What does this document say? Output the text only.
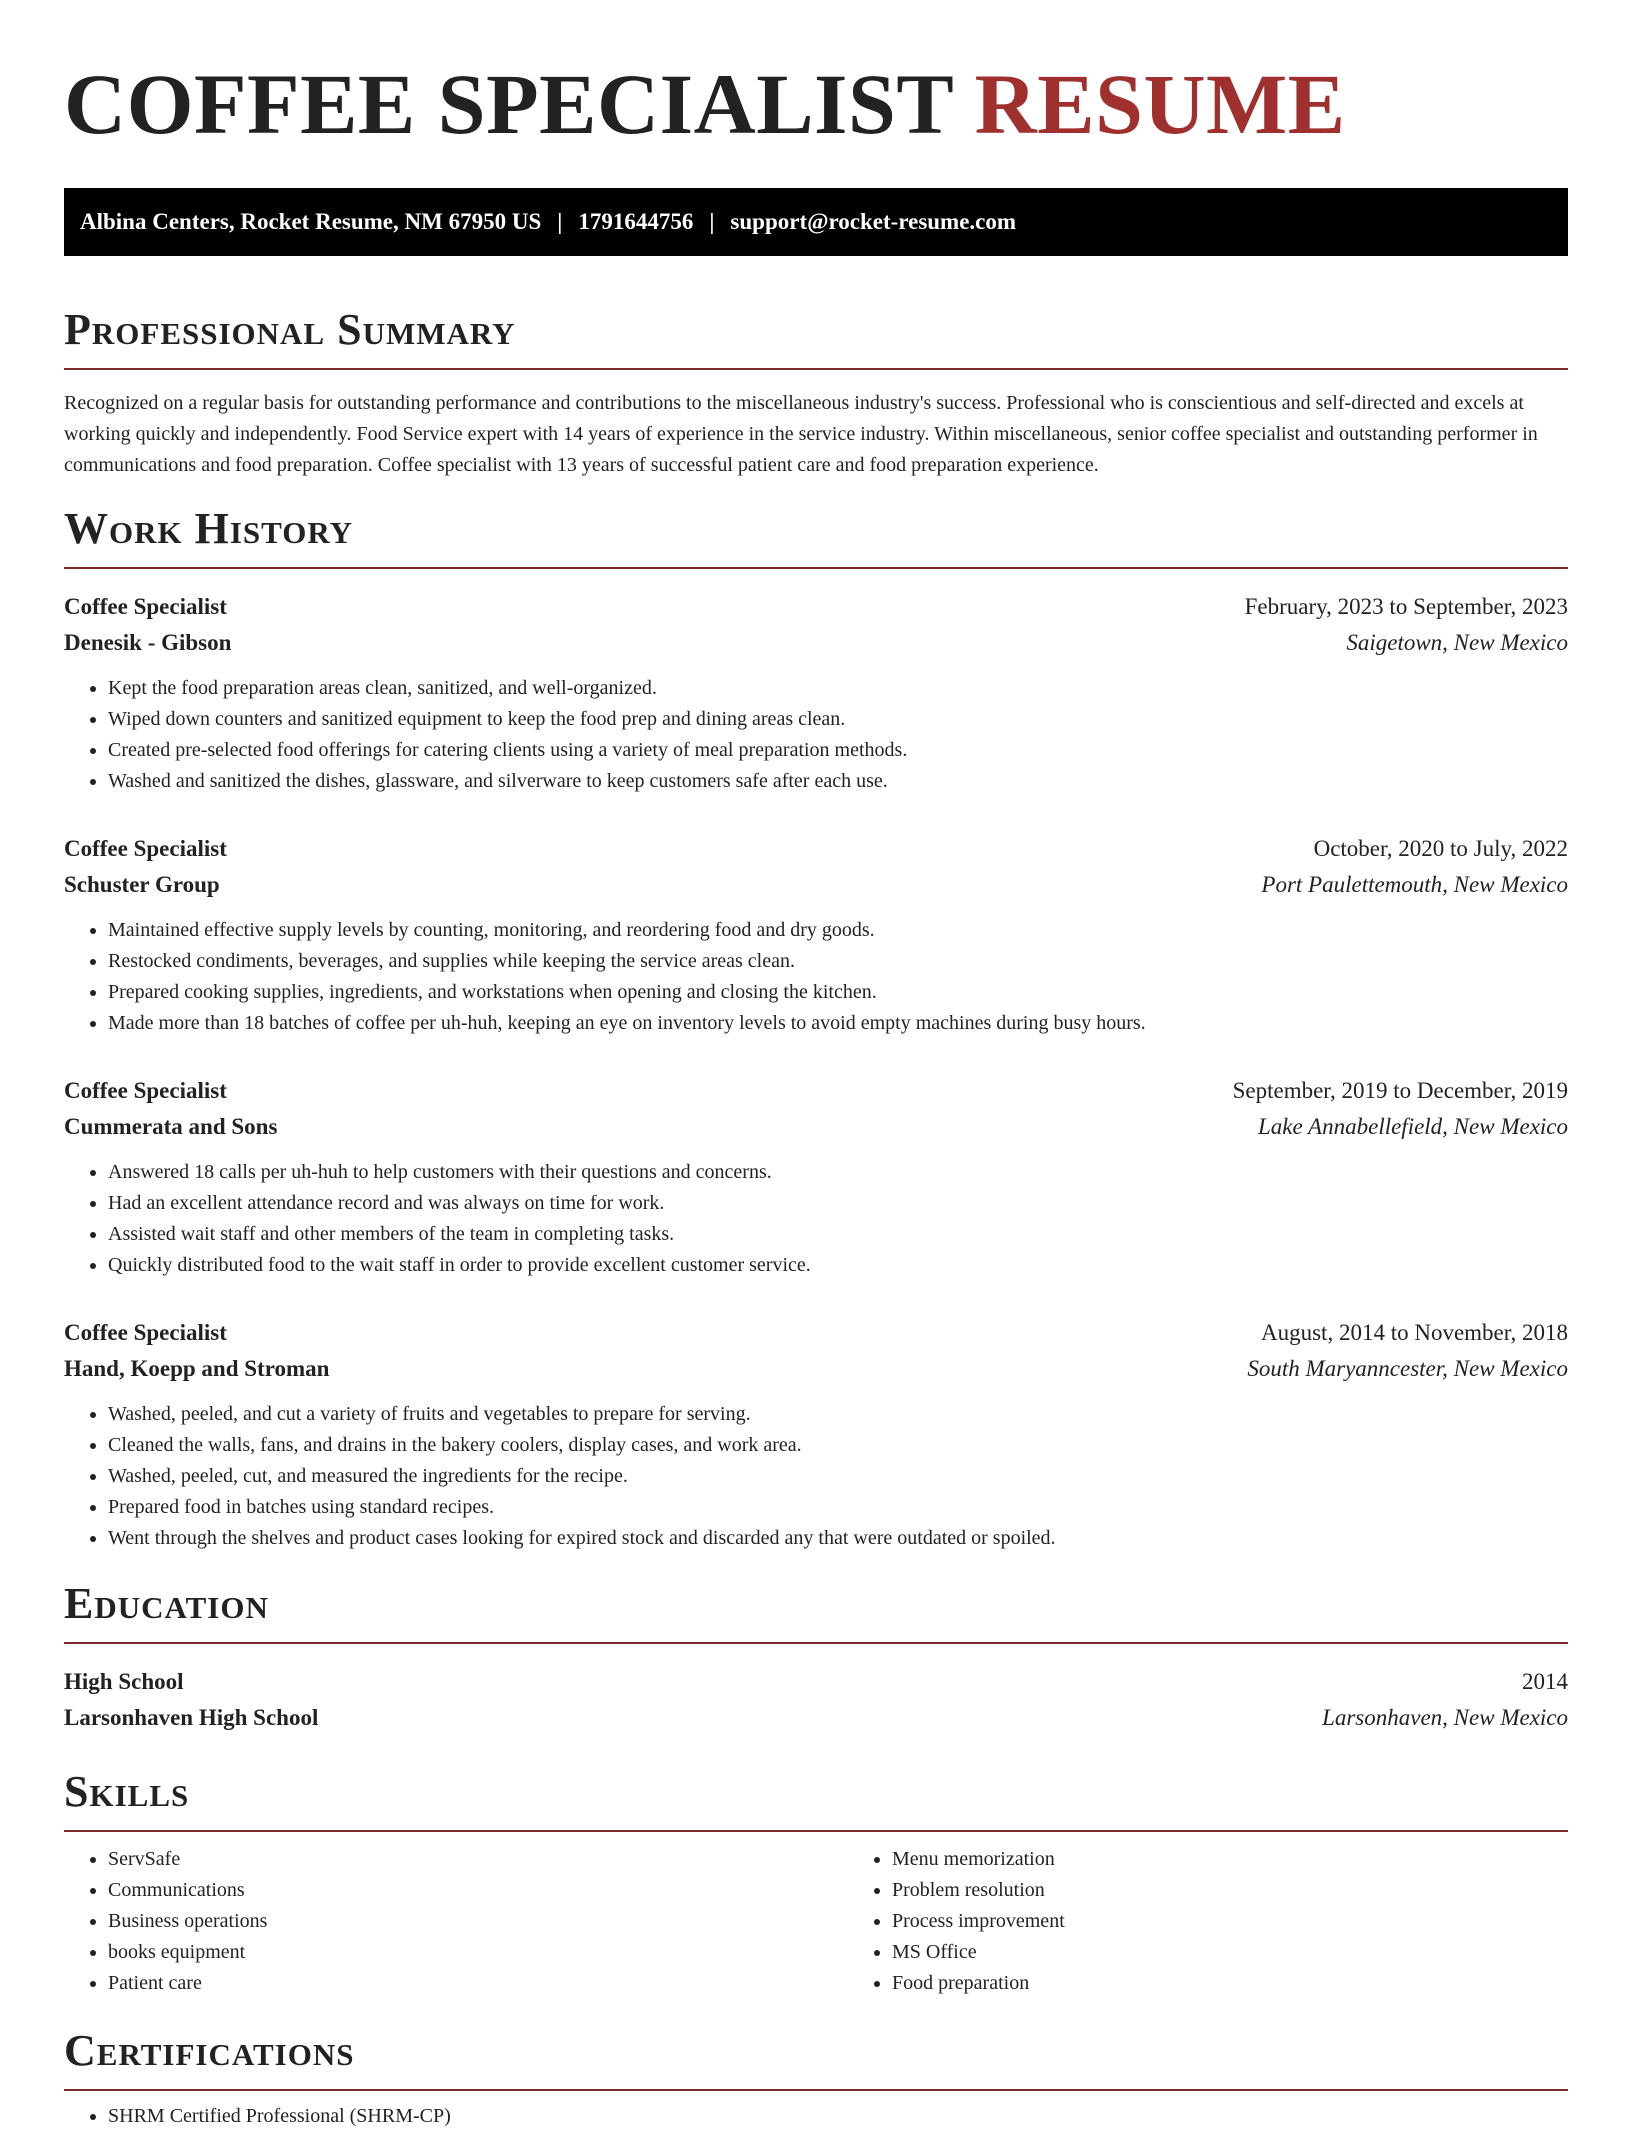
COFFEE SPECIALIST RESUME
Albina Centers, Rocket Resume, NM 67950 US | 1791644756 | support@rocket-resume.com
Professional Summary

Recognized on a regular basis for outstanding performance and contributions to the miscellaneous industry's success. Professional who is conscientious and self-directed and excels at working quickly and independently. Food Service expert with 14 years of experience in the service industry. Within miscellaneous, senior coffee specialist and outstanding performer in communications and food preparation. Coffee specialist with 13 years of successful patient care and food preparation experience.

Work History
Coffee Specialist	February, 2023 to September, 2023
Denesik - Gibson	Saigetown, New Mexico
• Kept the food preparation areas clean, sanitized, and well-organized.
• Wiped down counters and sanitized equipment to keep the food prep and dining areas clean.
• Created pre-selected food offerings for catering clients using a variety of meal preparation methods.
• Washed and sanitized the dishes, glassware, and silverware to keep customers safe after each use.
Coffee Specialist	October, 2020 to July, 2022
Schuster Group	Port Paulettemouth, New Mexico
• Maintained effective supply levels by counting, monitoring, and reordering food and dry goods.
• Restocked condiments, beverages, and supplies while keeping the service areas clean.
• Prepared cooking supplies, ingredients, and workstations when opening and closing the kitchen.
• Made more than 18 batches of coffee per uh-huh, keeping an eye on inventory levels to avoid empty machines during busy hours.
Coffee Specialist	September, 2019 to December, 2019
Cummerata and Sons	Lake Annabellefield, New Mexico
• Answered 18 calls per uh-huh to help customers with their questions and concerns.
• Had an excellent attendance record and was always on time for work.
• Assisted wait staff and other members of the team in completing tasks.
• Quickly distributed food to the wait staff in order to provide excellent customer service.
Coffee Specialist	August, 2014 to November, 2018
Hand, Koepp and Stroman	South Maryanncester, New Mexico
• Washed, peeled, and cut a variety of fruits and vegetables to prepare for serving.
• Cleaned the walls, fans, and drains in the bakery coolers, display cases, and work area.
• Washed, peeled, cut, and measured the ingredients for the recipe.
• Prepared food in batches using standard recipes.
• Went through the shelves and product cases looking for expired stock and discarded any that were outdated or spoiled.
Education
High School	2014
Larsonhaven High School	Larsonhaven, New Mexico
Skills
• ServSafe
• Communications
• Business operations
• books equipment
• Patient care
• Menu memorization
• Problem resolution
• Process improvement
• MS Office
• Food preparation
Certifications
• SHRM Certified Professional (SHRM-CP)
